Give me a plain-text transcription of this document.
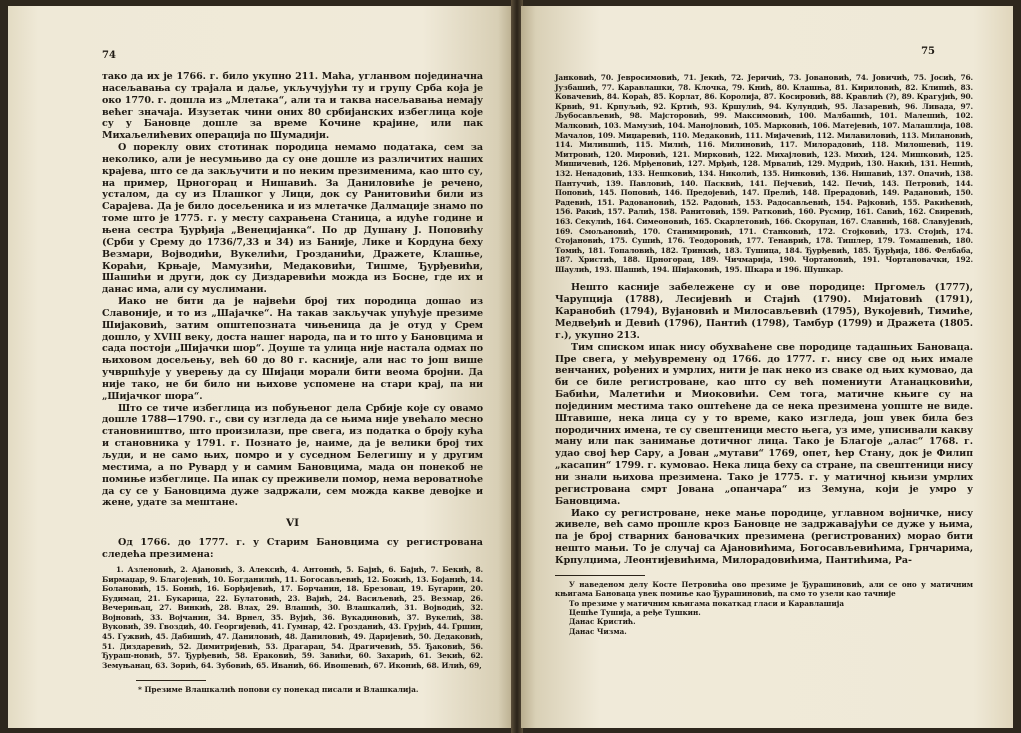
74

тако да их је 1766. г. било укупно 211. Маћа, угланвом појединачна насељавања су трајала и даље, укључујући ту и групу Срба која је око 1770. г. дошла из „Млетака“, али та и таква насељавања немају већег значаја. Изузетак чини оних 80 србијанских избеглица које су у Бановце дошле за време Кочине крајине, или пак Михаљелићевих операција по Шумадији.

О пореклу ових стотинак породица немамо података, сем за неколико, али је несумњиво да су оне дошле из различитих наших крајева, што се да закључити и по неким презименима, као што су, на пример, Црногорац и Нишавић. За Даниловиће је речено, усталом, да су из Плашког у Лици, док су Ранитовићи били из Сарајева. Да је било досељеника и из млетачке Далмације знамо по томе што је 1775. г. у месту сахрањена Станица, а идуће године и њена сестра Ђурђија „Венецијанка“. По др Душану Ј. Поповићу (Срби у Срему до 1736/7,33 и 34) из Баније, Лике и Кордуна беху Везмари, Војводићи, Вукелићи, Грозданићи, Дражете, Клашње, Кораћи, Крњаје, Мамузићи, Медаковићи, Тишме, Ђурђевићи, Шашићи и други, док су Диздаревићи можда из Босне, где их и данас има, али су муслимани.

Иако не бити да је највећи број тих породица дошао из Славоније, и то из „Шајачке“. На такав закључак упућује презиме Шијаковић, затим општепозната чињеница да је отуд у Срем дошло, у XVIII веку, доста нашег народа, па и то што у Бановцима и сада постоји „Шијачки шор“. Доуше та улица није настала одмах по њиховом досељењу, већ 60 до 80 г. касније, али нас то још више учвршћује у уверењу да су Шијаци морали бити веома бројни. Да није тако, не би било ни њихове успомене на стари крај, па ни „Шијачког шора“.

Што се тиче избеглица из побуњеног дела Србије које су овамо дошле 1788—1790. г., сви су изгледа да се њима није увећало месно становништво, што произилази, пре свега, из податка о броју кућа и становника у 1791. г. Познато је, наиме, да је велики број тих људи, и не само њих, помро и у суседном Белегишу и у другим местима, а по Рувард у и самим Бановцима, мада он понекоб не помиње избеглице. Па ипак су преживели помор, нема вероватноће да су се у Бановцима дуже задржали, сем можда какве девојке и жене, удате за мештане.

VI

Од 1766. до 1777. г. у Старим Бановцима су регистрована следећа презимена:

1. Азленовић, 2. Ајановић, 3. Алексић, 4. Антонић, 5. Бајић, 6. Бајић, 7. Бекић, 8. Бирмаџар, 9. Благојевић, 10. Богданилић, 11. Богосављевић, 12. Божић, 13. Бојанић, 14. Болановић, 15. Бонић, 16. Борђијевић, 17. Борчанин, 18. Брезовац, 19. Бугарин, 20. Будимац, 21. Букарица, 22. Булатовић, 23. Вајић, 24. Васиљевић, 25. Везмар, 26. Вечерињац, 27. Винкић, 28. Влах, 29. Влашић, 30. Влашкалић, 31. Војводић, 32. Војновић, 33. Војчанин, 34. Врнел, 35. Вујић, 36. Вукадиновић, 37. Вукелић, 38. Вуковић, 39. Гвоздић, 40. Георгијевић, 41. Гумнар, 42. Грозданић, 43. Грујић, 44. Гршин, 45. Гужвић, 45. Дабишић, 47. Даниловић, 48. Даниловић, 49. Даријевић, 50. Дедаковић, 51. Диздаревић, 52. Димитријевић, 53. Драгарац, 54. Драгичевић, 55. Ђаковић, 56. Ђураш-новић, 57. Ђурђевић, 58. Ераковић, 59. Завићи, 60. Захарић, 61. Зекић, 62. Земуњанац, 63. Зорић, 64. Зубовић, 65. Иванић, 66. Ивошевић, 67. Иконић, 68. Илић, 69,

* Презиме Влашкалић попови су понекад писали и Влашкалија.

75

Јанковић, 70. Јевросимовић, 71. Јекић, 72. Јеричић, 73. Јовановић, 74. Јовичић, 75. Јосић, 76. Јузбашић, 77. Каравлашки, 78. Клочка, 79. Кнић, 80. Клашња, 81. Кириловић, 82. Клипић, 83. Ковачевић, 84. Кораћ, 85. Корлат, 86. Королија, 87. Косировић, 88. Кравлић (?), 89. Крагујић, 90. Крвић, 91. Крпуљић, 92. Кртић, 93. Кршулић, 94. Кулундић, 95. Лазаревић, 96. Ливада, 97. Љубосављевић, 98. Мајсторовић, 99. Максимовић, 100. Малбашић, 101. Малешић, 102. Малковић, 103. Мамузић, 104. Манојловић, 105. Марковић, 106. Матејевић, 107. Малашлија, 108. Мачалов, 109. Миџаревић, 110. Медаковић, 111. Мијачевић, 112. Милавиловић, 113. Милановић, 114. Милившић, 115. Милић, 116. Милиновић, 117. Милорадовић, 118. Милошевић, 119. Митровић, 120. Мировић, 121. Мирковић, 122. Михајловић, 123. Михић, 124. Мишковић, 125. Мишичевић, 126. Мрђеновић, 127. Мрђић, 128. Мрвалић, 129. Мудрић, 130. Накић, 131. Нешић, 132. Ненадовић, 133. Нешковић, 134. Николић, 135. Нинковић, 136. Нишавић, 137. Опачић, 138. Пантучић, 139. Павловић, 140. Пасквић, 141. Пејчевић, 142. Печић, 143. Петровић, 144. Поповић, 145. Поповић, 146. Предојевић, 147. Прелић, 148. Прерадовић, 149. Радановић, 150. Радевић, 151. Радовановић, 152. Радовић, 153. Радосављевић, 154. Рајковић, 155. Ракићевић, 156. Ракић, 157. Ралић, 158. Ранитовић, 159. Ратковић, 160. Русмир, 161. Савић, 162. Свиревић, 163. Секулић, 164. Симеоновић, 165. Скарлетовић, 166. Скорупан, 167. Славнић, 168. Славујевић, 169. Смољановић, 170. Станимировић, 171. Станковић, 172. Стојковић, 173. Стојић, 174. Стојановић, 175. Сушић, 176. Теодоровић, 177. Тенаврић, 178. Тишлер, 179. Томашевић, 180. Томић, 181. Топаловић, 182. Тринкић, 183. Тушица, 184. Ђурђевић, 185. Ђурђија, 186. Фелбаба, 187. Христић, 188. Црногорац, 189. Чичмарија, 190. Чортановић, 191. Чортановачки, 192. Шаулић, 193. Шашић, 194. Шијаковић, 195. Шкара и 196. Шушкар.

Нешто касније забележене су и ове породице: Пргомељ (1777), Чарупција (1788), Лесијевић и Стајић (1790). Мијатовић (1791), Каранобић (1794), Вујановић и Милосављевић (1795), Вукојевић, Тимиће, Медвеђић и Девић (1796), Пантић (1798), Тамбур (1799) и Дражета (1805. г.), укупно 213.

Тим списком ипак нису обухваћене све породице тадашњих Бановаца. Пре свега, у међувремену од 1766. до 1777. г. нису све од њих имале венчаних, рођених и умрлих, нити је пак неко из сваке од њих кумовао, да би се биле регистроване, као што су већ помениути Атанацковићи, Бабићи, Малетићи и Миоковићи. Сем тога, матичне књиге су на појединим местима тако оштећене да се нека презимена уопште не виде. Штавише, нека лица су у то време, како изгледа, још увек била без породичних имена, те су свештеници место њега, уз име, уписивали какву ману или пак занимање дотичног лица. Тако је Благоје „алас“ 1768. г. удао свој ћер Сару, а Јован „мутави“ 1769, опет, ћер Стану, док је Филип „касапин“ 1799. г. кумовао. Нека лица беху са стране, па свештеници нису ни знали њихова презимена. Тако је 1775. г. у матичној књизи умрлих регистрована смрт Јована „опанчара“ из Земуна, који је умро у Бановцима.

Иако су регистроване, неке мање породице, углавном војничке, нису живеле, већ само прошле кроз Бановце не задржавајући се дуже у њима, па је број стварних бановачких презимена (регистрованих) морао бити нешто мањи. То је случај са Ајановићима, Богосављевићима, Грнчарима, Крпулџима, Леонтијевићима, Милорадовићима, Пантићима, Ра-

У наведеном делу Косте Петровића ово презиме је Ђурашиновић, али се оно у матичним књигама Бановаца увек помиње као Ђурашиновић, па смо то узели као тачније

То презиме у матичним књигама покаткад гласи и Каравлашија

Цешће Тушија, а ређе Тушкин.

Данас Кристић.

Данас Чизма.
